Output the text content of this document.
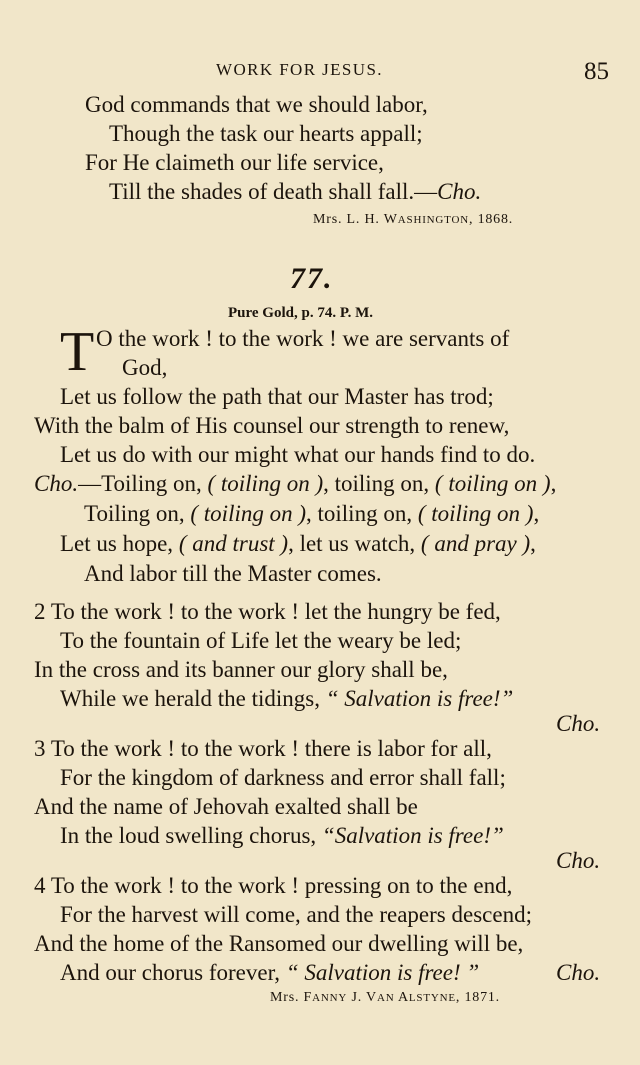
WORK FOR JESUS.	85
God commands that we should labor,
Though the task our hearts appall;
For He claimeth our life service,
Till the shades of death shall fall.—Cho.
Mrs. L. H. WASHINGTON, 1868.
77.
Pure Gold, p. 74. P. M.
T O the work ! to the work ! we are servants of
God,
Let us follow the path that our Master has trod;
With the balm of His counsel our strength to renew,
Let us do with our might what our hands find to do.
Cho.—Toiling on, ( toiling on ), toiling on, ( toiling on ),
Toiling on, ( toiling on ), toiling on, ( toiling on ),
Let us hope, ( and trust ), let us watch, ( and pray ),
And labor till the Master comes.
2 To the work ! to the work ! let the hungry be fed,
To the fountain of Life let the weary be led;
In the cross and its banner our glory shall be,
While we herald the tidings, “ Salvation is free!”
Cho.
3 To the work ! to the work ! there is labor for all,
For the kingdom of darkness and error shall fall;
And the name of Jehovah exalted shall be
In the loud swelling chorus, “Salvation is free!”
Cho.
4 To the work ! to the work ! pressing on to the end,
For the harvest will come, and the reapers descend;
And the home of the Ransomed our dwelling will be,
And our chorus forever, “ Salvation is free! ”	Cho.
Mrs. FANNY J. VAN ALSTYNE, 1871.
